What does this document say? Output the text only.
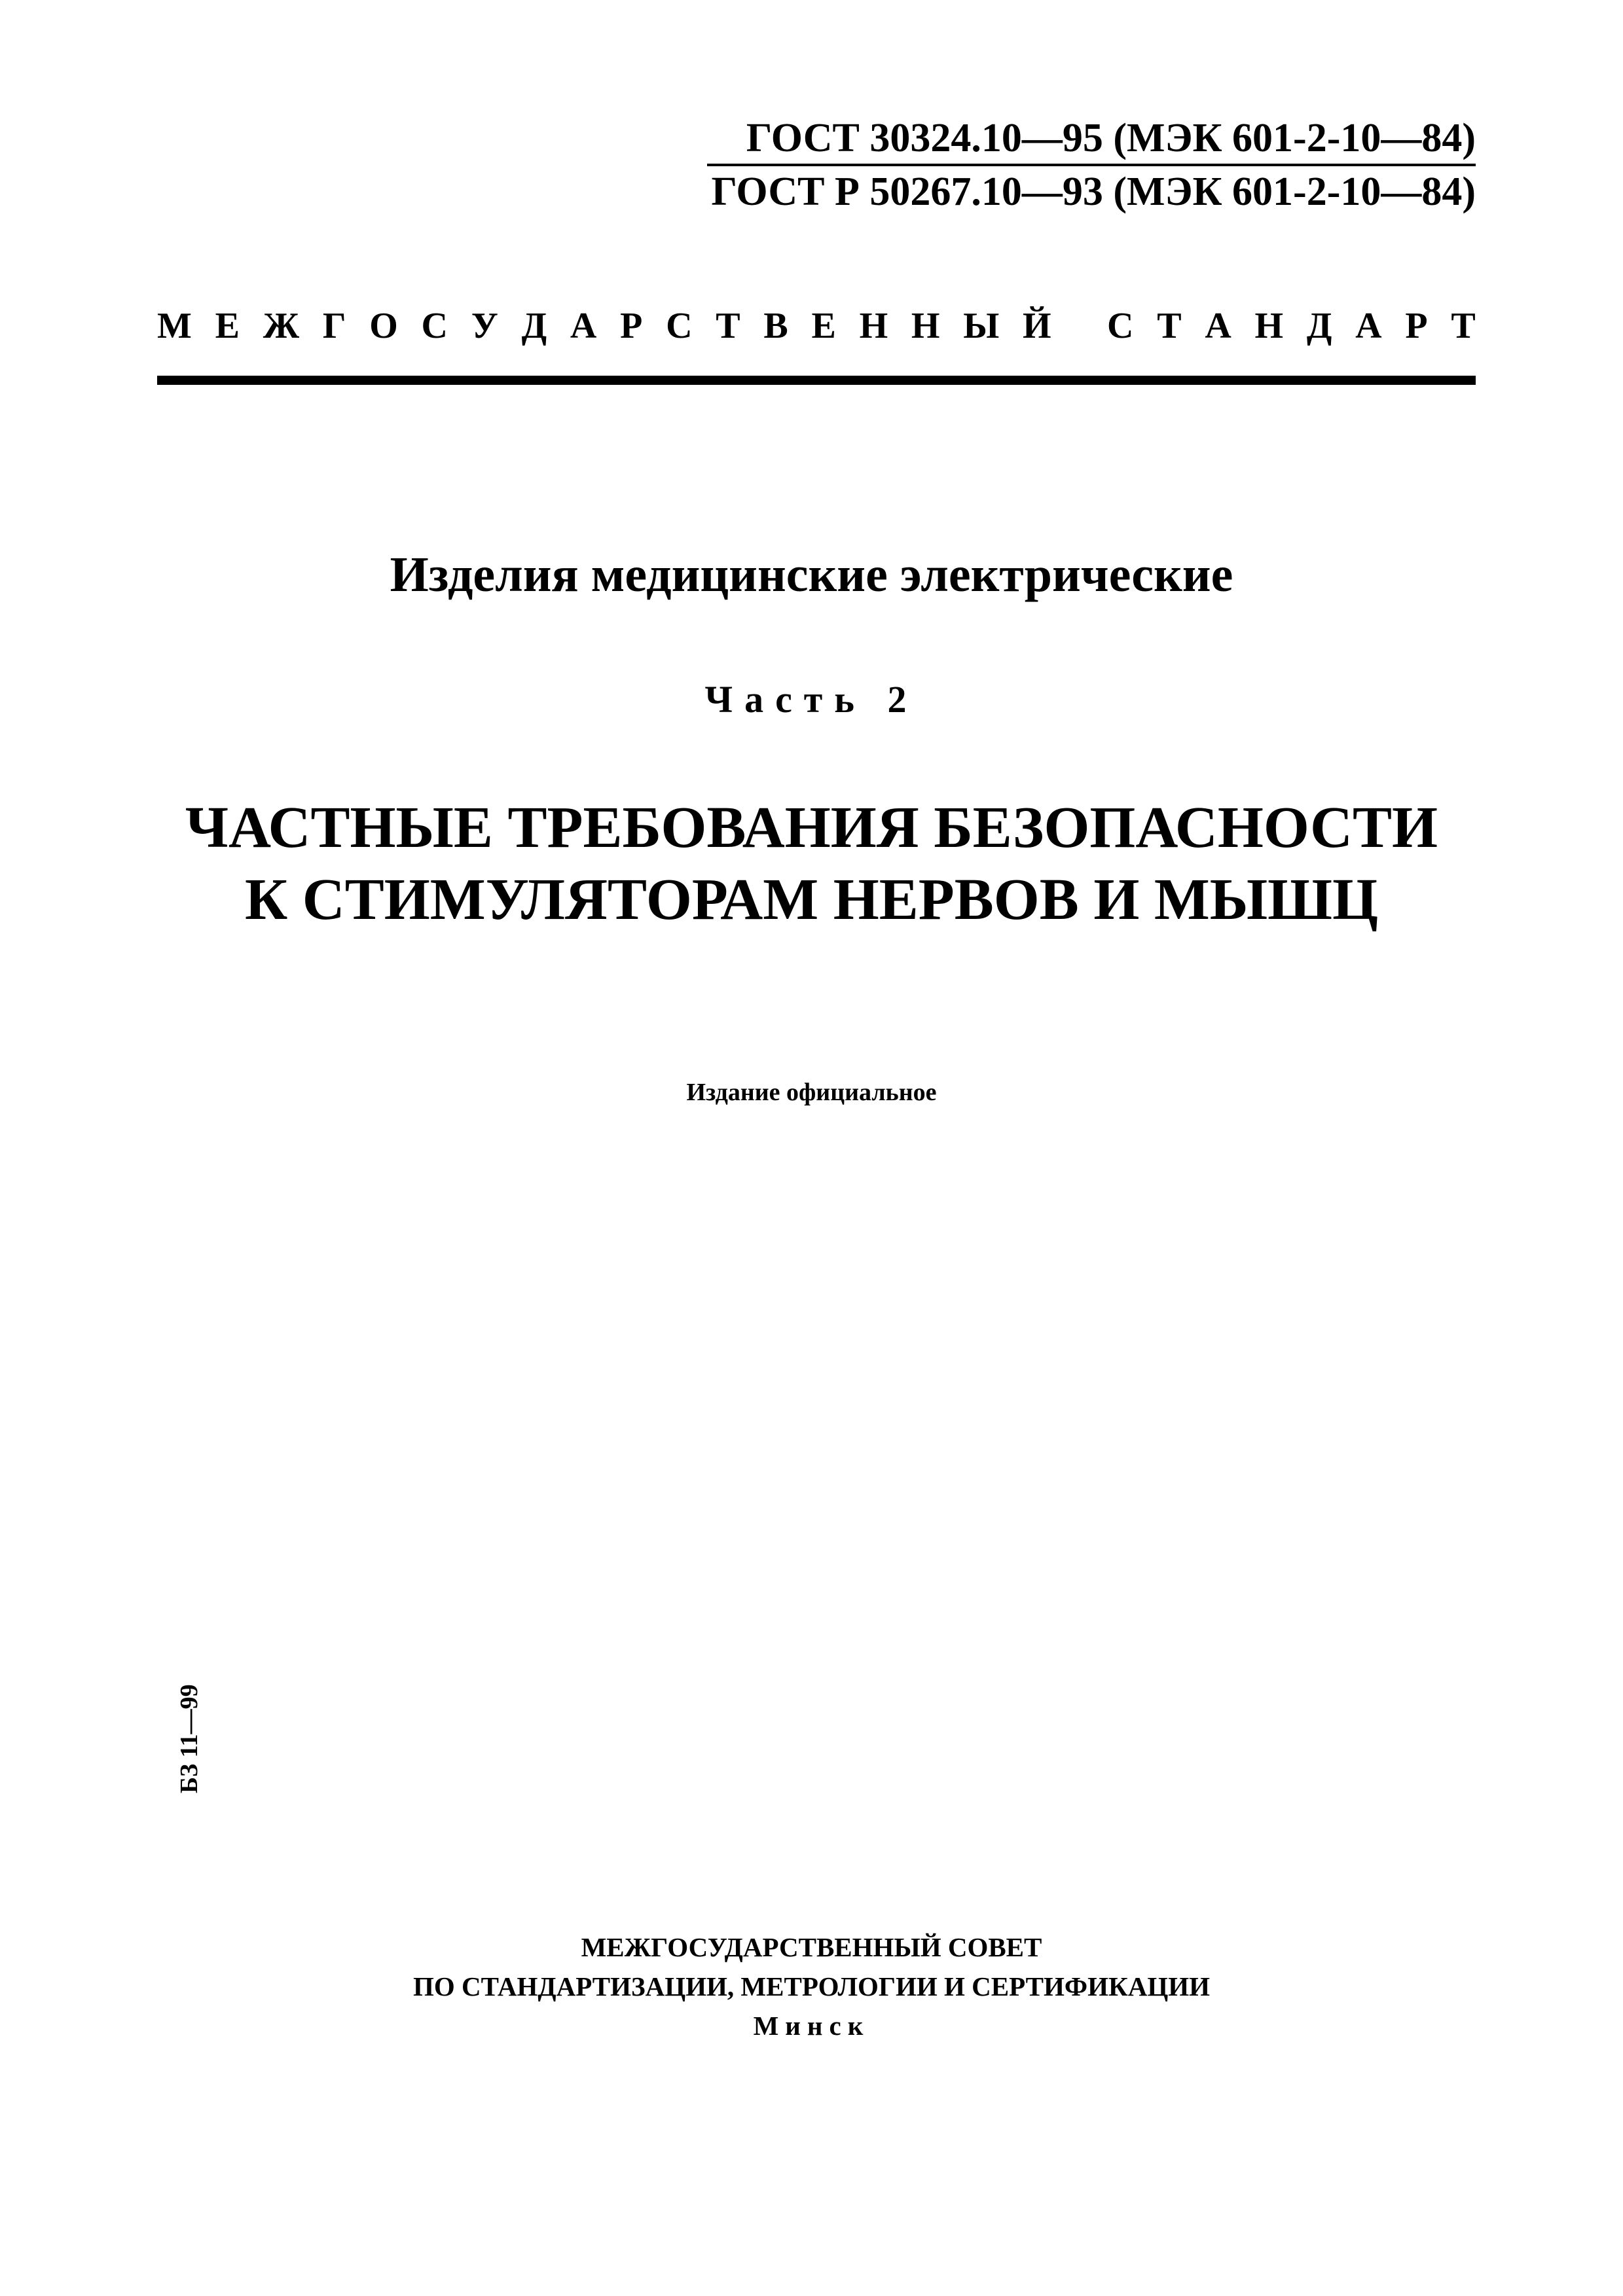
ГОСТ 30324.10—95 (МЭК 601-2-10—84)
ГОСТ Р 50267.10—93 (МЭК 601-2-10—84)
М Е Ж Г О С У Д А Р С Т В Е Н Н Ы Й
С Т А Н Д А Р Т
Изделия медицинские электрические
Часть 2
ЧАСТНЫЕ ТРЕБОВАНИЯ БЕЗОПАСНОСТИ
К СТИМУЛЯТОРАМ НЕРВОВ И МЫШЦ
Издание официальное
БЗ 11—99
МЕЖГОСУДАРСТВЕННЫЙ СОВЕТ
ПО СТАНДАРТИЗАЦИИ, МЕТРОЛОГИИ И СЕРТИФИКАЦИИ
Минск
